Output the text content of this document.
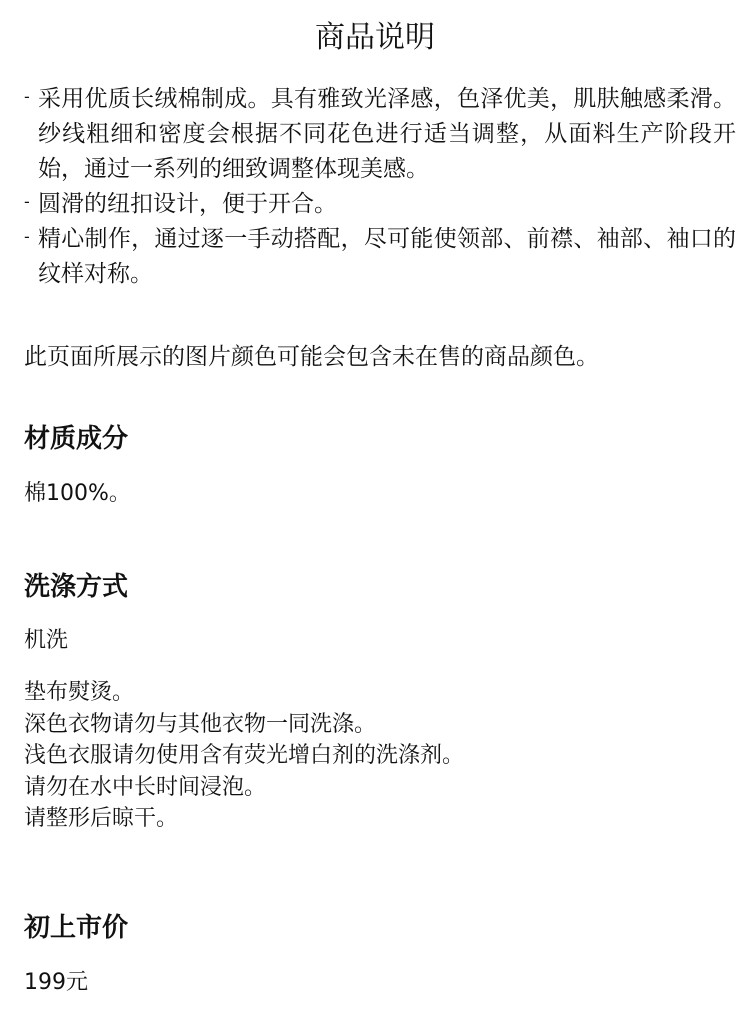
商品说明
- 采用优质长绒棉制成。具有雅致光泽感，色泽优美，肌肤触感柔滑。纱线粗细和密度会根据不同花色进行适当调整，从面料生产阶段开始，通过一系列的细致调整体现美感。
- 圆滑的纽扣设计，便于开合。
- 精心制作，通过逐一手动搭配，尽可能使领部、前襟、袖部、袖口的纹样对称。

此页面所展示的图片颜色可能会包含未在售的商品颜色。

材质成分

棉100%。

洗涤方式

机洗

垫布熨烫。
深色衣物请勿与其他衣物一同洗涤。
浅色衣服请勿使用含有荧光增白剂的洗涤剂。
请勿在水中长时间浸泡。
请整形后晾干。
初上市价

199元
